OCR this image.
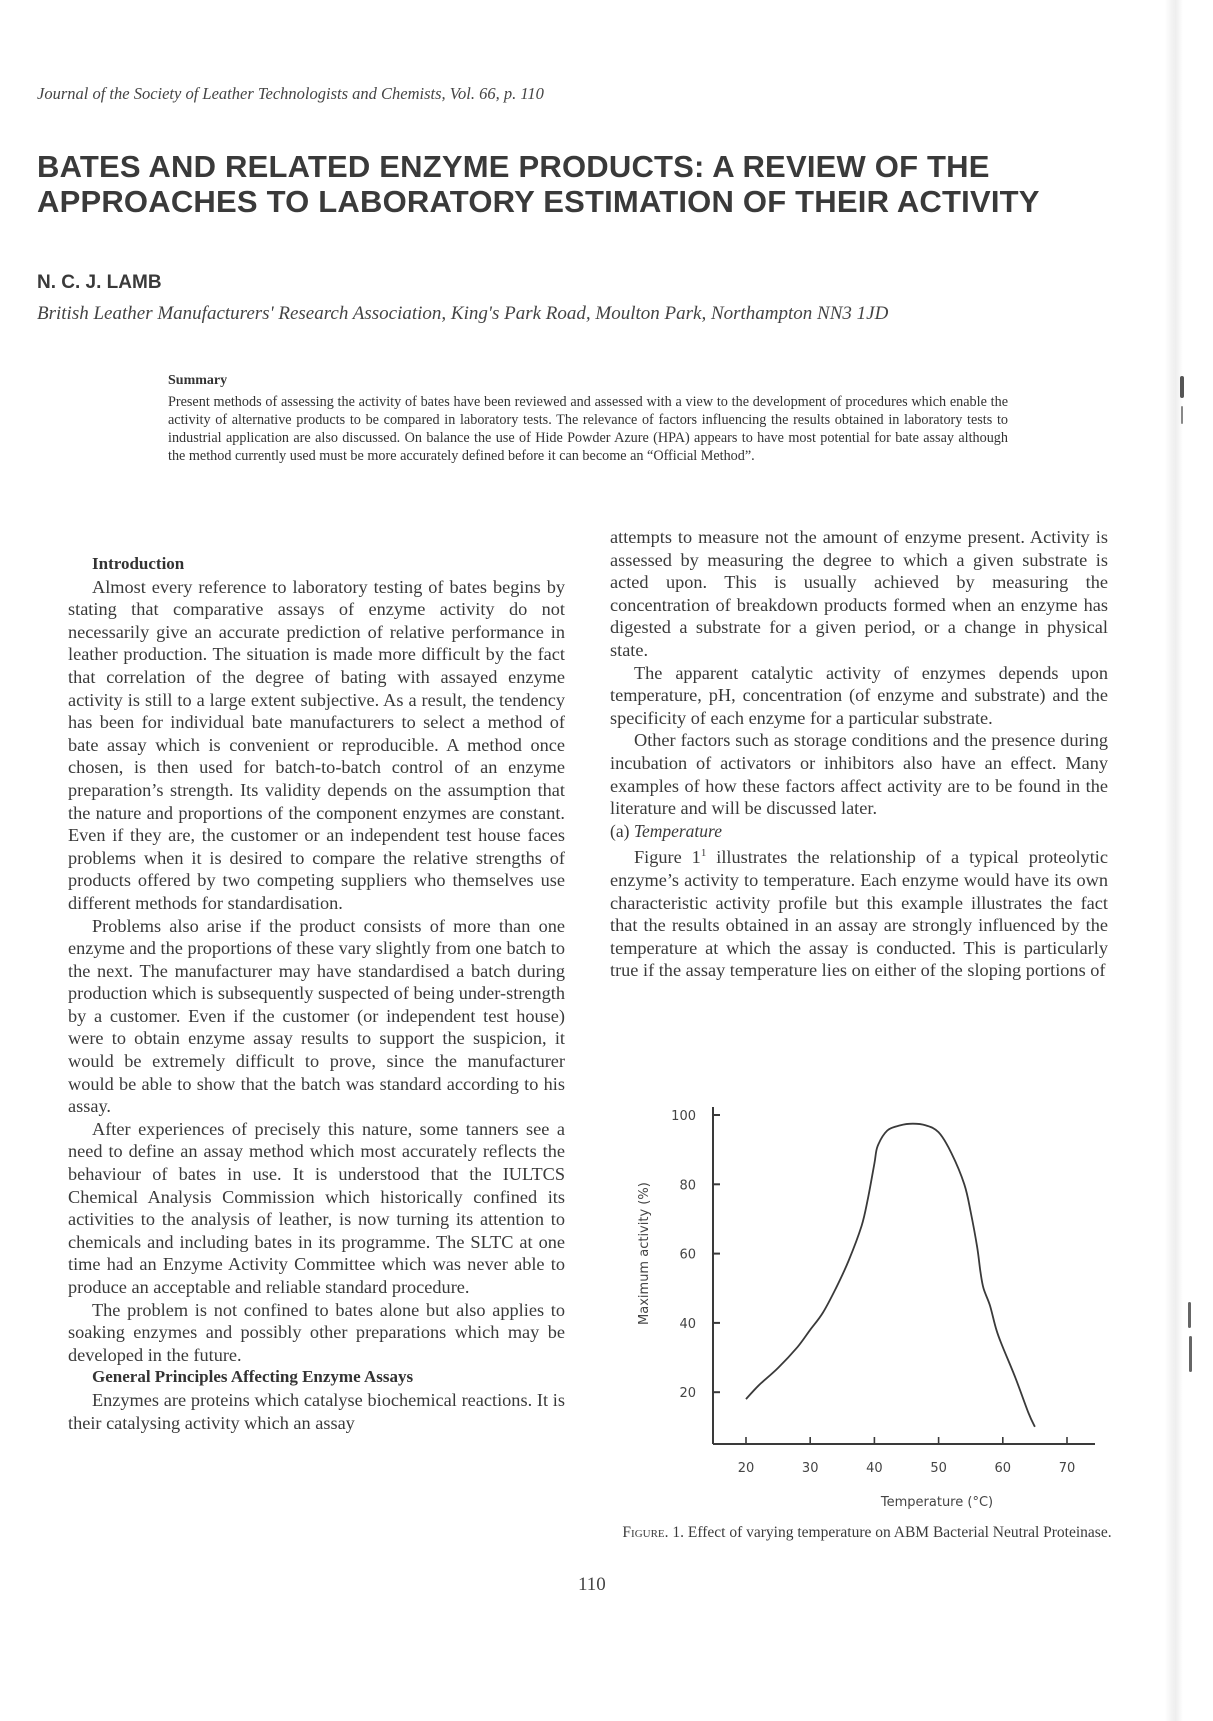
Journal of the Society of Leather Technologists and Chemists, Vol. 66, p. 110
BATES AND RELATED ENZYME PRODUCTS: A REVIEW OF THE APPROACHES TO LABORATORY ESTIMATION OF THEIR ACTIVITY
N. C. J. LAMB
British Leather Manufacturers' Research Association, King's Park Road, Moulton Park, Northampton NN3 1JD
Summary
Present methods of assessing the activity of bates have been reviewed and assessed with a view to the development of procedures which enable the activity of alternative products to be compared in laboratory tests. The relevance of factors influencing the results obtained in laboratory tests to industrial application are also discussed. On balance the use of Hide Powder Azure (HPA) appears to have most potential for bate assay although the method currently used must be more accurately defined before it can become an “Official Method”.

Introduction

Almost every reference to laboratory testing of bates begins by stating that comparative assays of enzyme activity do not necessarily give an accurate prediction of relative performance in leather production. The situation is made more difficult by the fact that correlation of the degree of bating with assayed enzyme activity is still to a large extent subjective. As a result, the tendency has been for individual bate manufacturers to select a method of bate assay which is convenient or reproducible. A method once chosen, is then used for batch-to-batch control of an enzyme preparation’s strength. Its validity depends on the assumption that the nature and proportions of the component enzymes are constant. Even if they are, the customer or an independent test house faces problems when it is desired to compare the relative strengths of products offered by two competing suppliers who themselves use different methods for standardisation.

Problems also arise if the product consists of more than one enzyme and the proportions of these vary slightly from one batch to the next. The manufacturer may have standardised a batch during production which is subsequently suspected of being under-strength by a customer. Even if the customer (or independent test house) were to obtain enzyme assay results to support the suspicion, it would be extremely difficult to prove, since the manufacturer would be able to show that the batch was standard according to his assay.

After experiences of precisely this nature, some tanners see a need to define an assay method which most accurately reflects the behaviour of bates in use. It is understood that the IULTCS Chemical Analysis Commission which historically confined its activities to the analysis of leather, is now turning its attention to chemicals and including bates in its programme. The SLTC at one time had an Enzyme Activity Committee which was never able to produce an acceptable and reliable standard procedure.

The problem is not confined to bates alone but also applies to soaking enzymes and possibly other preparations which may be developed in the future.

General Principles Affecting Enzyme Assays

Enzymes are proteins which catalyse biochemical reactions. It is their catalysing activity which an assay

attempts to measure not the amount of enzyme present. Activity is assessed by measuring the degree to which a given substrate is acted upon. This is usually achieved by measuring the concentration of breakdown products formed when an enzyme has digested a substrate for a given period, or a change in physical state.

The apparent catalytic activity of enzymes depends upon temperature, pH, concentration (of enzyme and substrate) and the specificity of each enzyme for a particular substrate.

Other factors such as storage conditions and the presence during incubation of activators or inhibitors also have an effect. Many examples of how these factors affect activity are to be found in the literature and will be discussed later.

(a) Temperature

Figure $1^1$ illustrates the relationship of a typical proteolytic enzyme’s activity to temperature. Each enzyme would have its own characteristic activity profile but this example illustrates the fact that the results obtained in an assay are strongly influenced by the temperature at which the assay is conducted. This is particularly true if the assay temperature lies on either of the sloping portions of

20
40
60
80
100
20	30	40	50	60	70
Temperature (°C)
Maximum activity (%)
Figure. 1. Effect of varying temperature on ABM Bacterial Neutral Proteinase.
110
